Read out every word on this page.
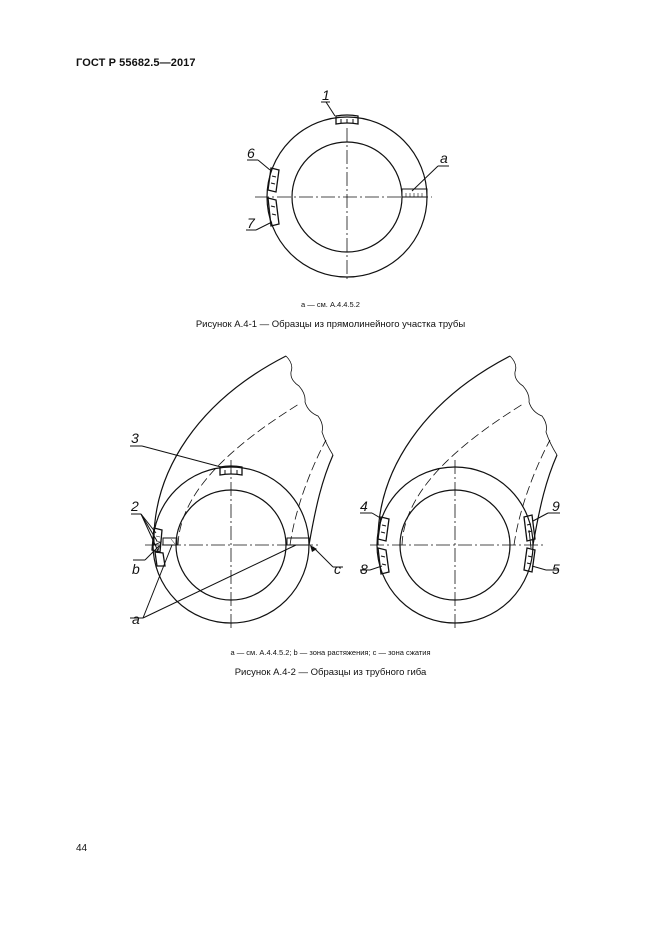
ГОСТ Р 55682.5—2017
1
6
7
a
3
2
b	c
a
4
8
9
5
a — см. А.4.4.5.2
Рисунок А.4-1 — Образцы из прямолинейного участка трубы
a — см. А.4.4.5.2; b — зона растяжения; c — зона сжатия
Рисунок А.4-2 — Образцы из трубного гиба
44
